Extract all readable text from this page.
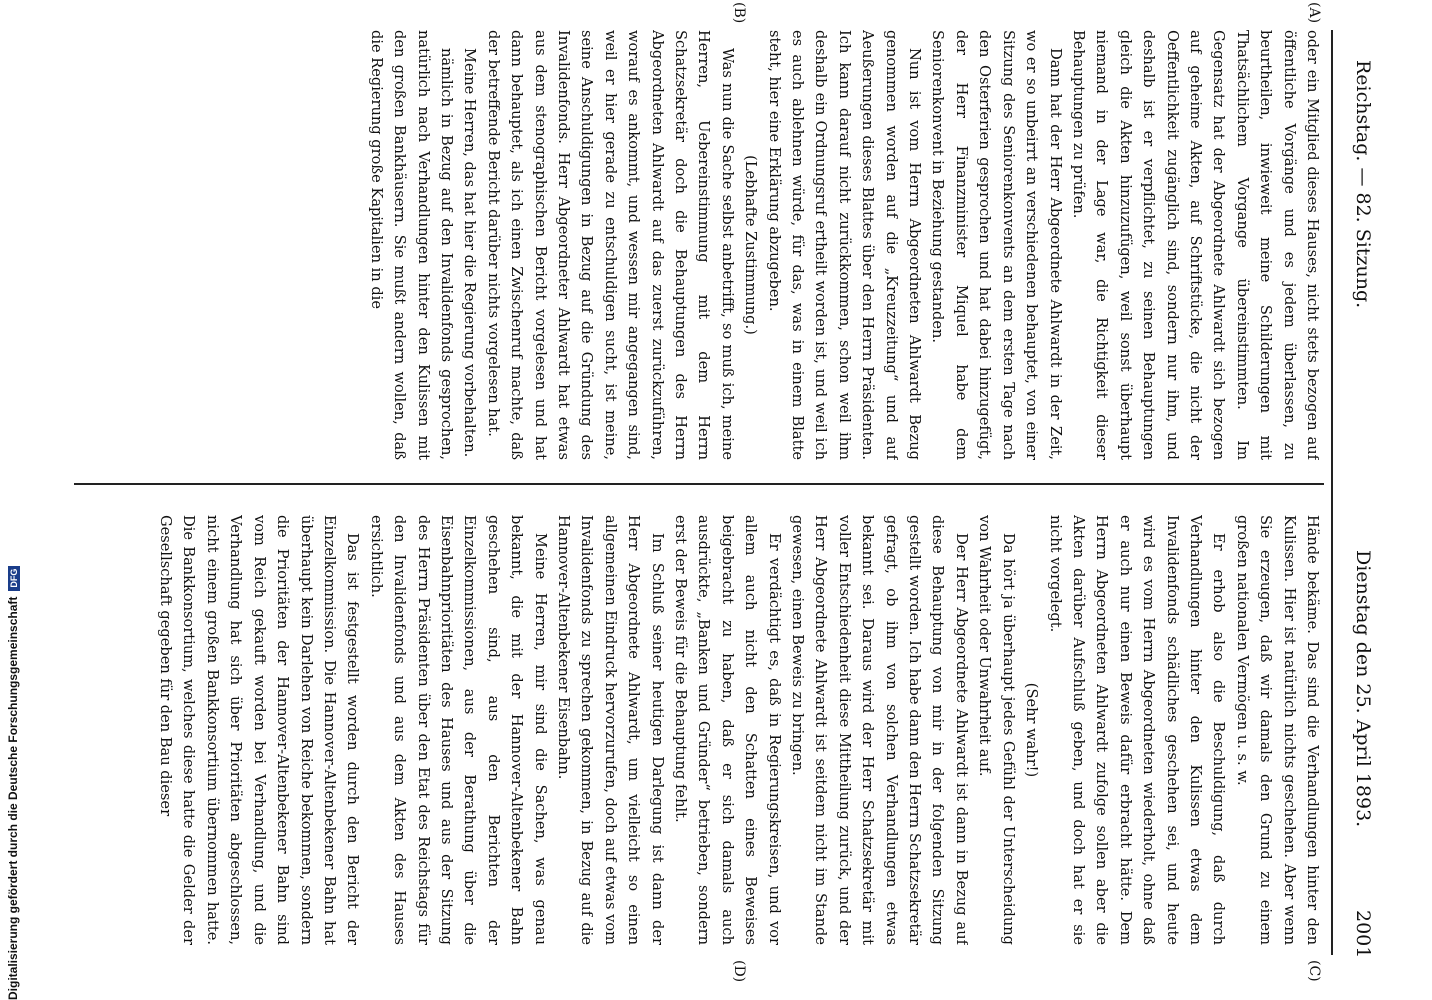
Reichstag. — 82. Sitzung.
Dienstag den 25. April 1893.
2001
(A)
(B)
(C)
(D)

oder ein Mitglied dieses Hauses, nicht stets bezogen auf öffentliche Vorgänge und es jedem überlassen, zu beurtheilen, inwieweit meine Schilderungen mit Thatsächlichem Vorgange übereinstimmten. Im Gegensatz hat der Abgeordnete Ahlwardt sich bezogen auf geheime Akten, auf Schriftstücke, die nicht der Oeffentlichkeit zugänglich sind, sondern nur ihm, und deshalb ist er verpflichtet, zu seinen Behauptungen gleich die Akten hinzuzufügen, weil sonst überhaupt niemand in der Lage war, die Richtigkeit dieser Behauptungen zu prüfen.

Dann hat der Herr Abgeordnete Ahlwardt in der Zeit, wo er so unbeirrt an verschiedenen behauptet, von einer Sitzung des Seniorenkonvents an dem ersten Tage nach den Osterferien gesprochen und hat dabei hinzugefügt, der Herr Finanzminister Miquel habe dem Seniorenkonvent in Beziehung gestanden.

Nun ist vom Herrn Abgeordneten Ahlwardt Bezug genommen worden auf die „Kreuzzeitung“ und auf Aeußerungen dieses Blattes über den Herrn Präsidenten. Ich kann darauf nicht zurückkommen, schon weil ihm deshalb ein Ordnungsruf ertheilt worden ist, und weil ich es auch ablehnen würde, für das, was in einem Blatte steht, hier eine Erklärung abzugeben.

(Lebhafte Zustimmung.)

Was nun die Sache selbst anbetrifft, so muß ich, meine Herren, Uebereinstimmung mit dem Herrn Schatzsekretär doch die Behauptungen des Herrn Abgeordneten Ahlwardt auf das zuerst zurückzuführen, worauf es ankommt, und wessen mir angegangen sind, weil er hier gerade zu entschuldigen sucht, ist meine, seine Anschuldigungen in Bezug auf die Gründung des Invalidenfonds. Herr Abgeordneter Ahlwardt hat etwas aus dem stenographischen Bericht vorgelesen und hat dann behauptet, als ich einen Zwischenruf machte, daß der betreffende Bericht darüber nichts vorgelesen hat.

Meine Herren, das hat hier die Regierung vorbehalten.

nämlich in Bezug auf den Invalidenfonds gesprochen, natürlich nach Verhandlungen hinter den Kulissen mit den großen Bankhäusern. Sie mußt andern wollen, daß die Regierung große Kapitalien in die

Hände bekäme. Das sind die Verhandlungen hinter den Kulissen. Hier ist natürlich nichts geschehen. Aber wenn Sie erzeugen, daß wir damals den Grund zu einem großen nationalen Vermögen u. s. w.

Er erhob also die Beschuldigung, daß durch Verhandlungen hinter den Kulissen etwas dem Invalidenfonds schädliches geschehen sei, und heute wird es vom Herrn Abgeordneten wiederholt, ohne daß er auch nur einen Beweis dafür erbracht hätte. Dem Herrn Abgeordneten Ahlwardt zufolge sollen aber die Akten darüber Aufschluß geben, und doch hat er sie nicht vorgelegt.

(Sehr wahr!)

Da hört ja überhaupt jedes Gefühl der Unterscheidung von Wahrheit oder Unwahrheit auf.

Der Herr Abgeordnete Ahlwardt ist dann in Bezug auf diese Behauptung von mir in der folgenden Sitzung gestellt worden. Ich habe dann den Herrn Schatzsekretär gefragt, ob ihm von solchen Verhandlungen etwas bekannt sei. Daraus wird der Herr Schatzsekretär mit voller Entschiedenheit diese Mittheilung zurück, und der Herr Abgeordnete Ahlwardt ist seitdem nicht im Stande gewesen, einen Beweis zu bringen.

Er verdächtigt es, daß in Regierungskreisen, und vor allem auch nicht den Schatten eines Beweises beigebracht zu haben, daß er sich damals auch ausdrückte, „Banken und Gründer“ betrieben, sondern erst der Beweis für die Behauptung fehlt.

Im Schluß seiner heutigen Darlegung ist dann der Herr Abgeordnete Ahlwardt, um vielleicht so einen allgemeinen Eindruck hervorzurufen, doch auf etwas vom Invalidenfonds zu sprechen gekommen, in Bezug auf die Hannover-Altenbekener Eisenbahn.

Meine Herren, mir sind die Sachen, was genau bekannt, die mit der Hannover-Altenbekener Bahn geschehen sind, aus den Berichten der Einzelkommissionen, aus der Berathung über die Eisenbahnprioritäten des Hauses und aus der Sitzung des Herrn Präsidenten über den Etat des Reichstags für den Invalidenfonds und aus dem Akten des Hauses ersichtlich.

Das ist festgestellt worden durch den Bericht der Einzelkommission. Die Hannover-Altenbekener Bahn hat überhaupt kein Darlehen von Reiche bekommen, sondern die Prioritäten der Hannover-Altenbekener Bahn sind vom Reich gekauft worden bei Verhandlung, und die Verhandlung hat sich über Prioritäten abgeschlossen, nicht einem großen Bankkonsortium übernommen hatte. Die Bankkonsortium, welches diese hatte die Gelder der Gesellschaft gegeben für den Bau dieser

Digitalisierung gefördert durch die Deutsche ForschungsgemeinschaftDFG
